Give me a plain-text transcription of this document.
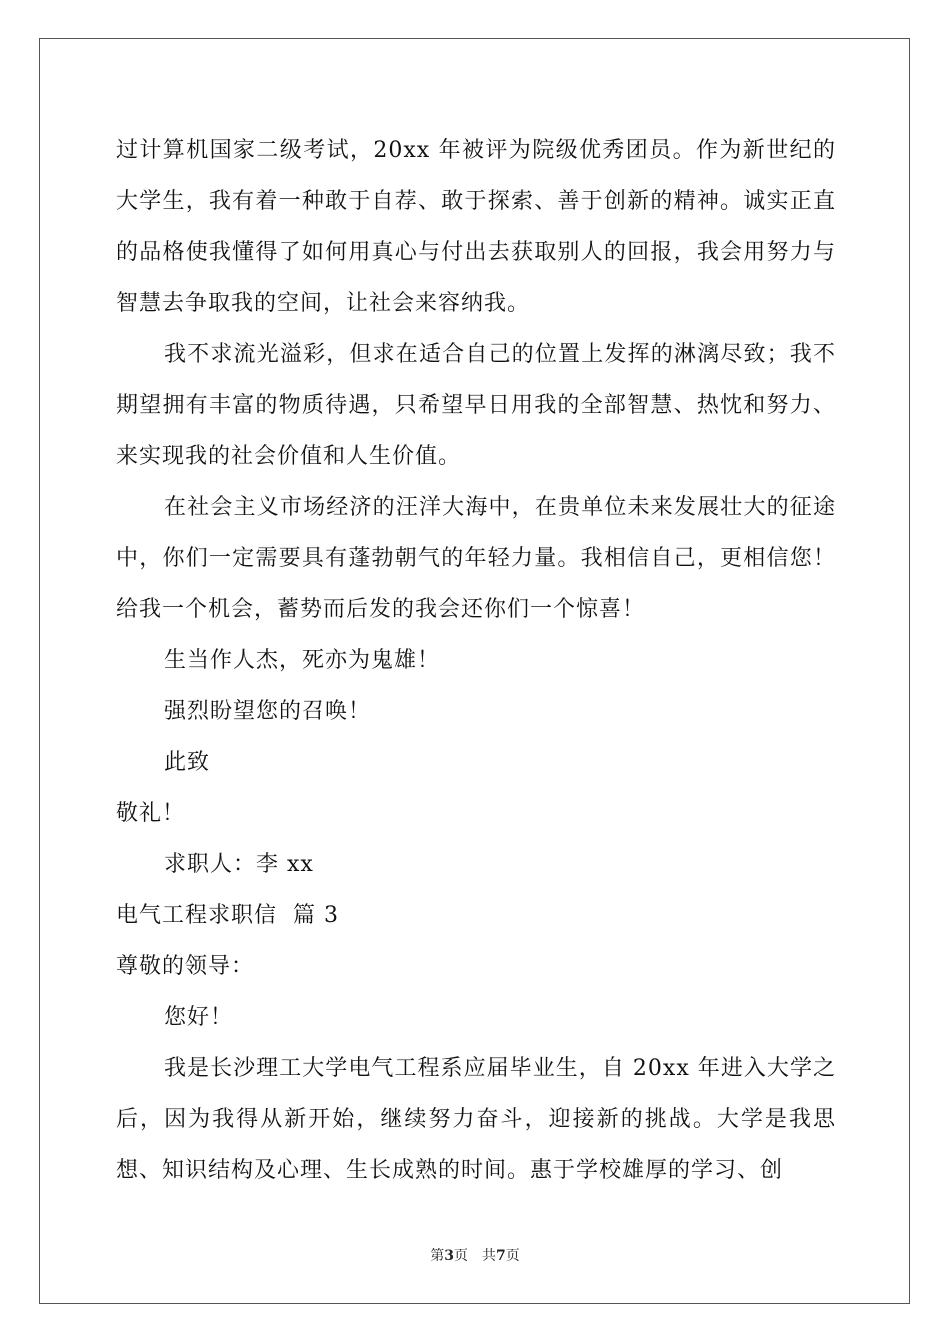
过计算机国家二级考试，20xx 年被评为院级优秀团员。作为新世纪的大学生，我有着一种敢于自荐、敢于探索、善于创新的精神。诚实正直的品格使我懂得了如何用真心与付出去获取别人的回报，我会用努力与智慧去争取我的空间，让社会来容纳我。

我不求流光溢彩，但求在适合自己的位置上发挥的淋漓尽致；我不期望拥有丰富的物质待遇，只希望早日用我的全部智慧、热忱和努力、来实现我的社会价值和人生价值。

在社会主义市场经济的汪洋大海中，在贵单位未来发展壮大的征途中，你们一定需要具有蓬勃朝气的年轻力量。我相信自己，更相信您！给我一个机会，蓄势而后发的我会还你们一个惊喜！

生当作人杰，死亦为鬼雄！

强烈盼望您的召唤！

此致

敬礼！

求职人：李 xx

电气工程求职信  篇 3

尊敬的领导：

您好！

我是长沙理工大学电气工程系应届毕业生，自 20xx 年进入大学之后，因为我得从新开始，继续努力奋斗，迎接新的挑战。大学是我思想、知识结构及心理、生长成熟的时间。惠于学校雄厚的学习、创

第3页 共7页
